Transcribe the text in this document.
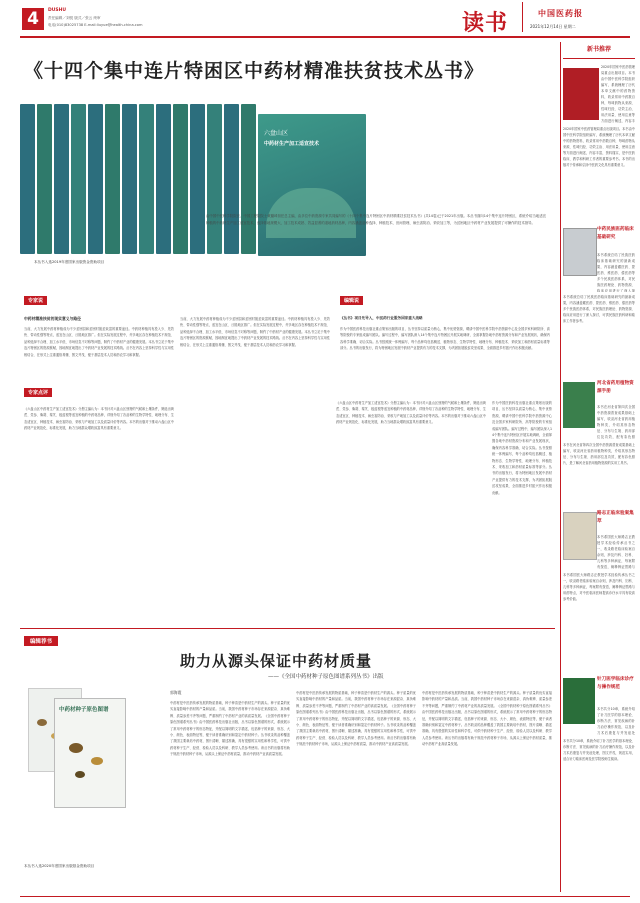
4	DUSHU
责任编辑／刘悦 版式／张云 终审
电话(010)83025738 E-mail:liuyue@health-china.com	读书	中国医药报
2021年12月14日 星期二
《十四个集中连片特困区中药材精准扶贫技术丛书》
六盘山区
中药材生产加工适宜技术
本丛书入选2019年度国家出版资金资助项目
由中国中医科学院院长、中国工程院院士黄璐琦担任总主编，由多位中药资源专家共同编写的《十四个集中连片特困区中药材精准扶贫技术丛书》(共14卷)已于2021年出版。本丛书面向14个集中连片特困区，系统介绍当地适宜种植的中药材生产加工适宜技术，选择基地规模大、加工技术成熟、效益显著的道地药材品种，内容涵盖品种选择、种植技术、田间管理、病虫害防治、采收加工等，为贫困地区中药材产业发展提供了可操作的技术指导。
专家说
中药材精准扶贫的现实意义与路径
当前，大力发展中药材种植成为不少贫困县和贫困村脱贫致富的重要途径。中药材种植具有投入少、见效快、带动性强等特点，适宜在山区、丘陵地区推广。但在实际发展过程中，许多地区存在种植技术不规范、品种选择不合理、加工水平低、市场信息不对称等问题，制约了中药材产业的健康发展。本丛书立足于集中连片特困区的资源禀赋，因地制宜地提出了中药材产业发展的技术路线。丛书在内容上坚持科学性与实用性相结合，在形式上注重通俗易懂、图文并茂，便于基层技术人员和药农学习和掌握。
专家点评
《六盘山区中药材生产加工适宜技术》分册主编认为：本书针对六盘山区独特的气候和土壤条件，筛选出黄芪、党参、柴胡、秦艽、板蓝根等适宜种植的中药材品种，详细介绍了各品种的生物学特性、地理分布、生态适宜区、种植技术、病虫害防治、采收与产地加工以及质量评价等内容。本书的出版对于推动六盘山区中药材产业规范化、标准化发展，助力当地群众增收致富具有重要意义。
当前，大力发展中药材种植成为不少贫困县和贫困村脱贫致富的重要途径。中药材种植具有投入少、见效快、带动性强等特点，适宜在山区、丘陵地区推广。但在实际发展过程中，许多地区存在种植技术不规范、品种选择不合理、加工水平低、市场信息不对称等问题，制约了中药材产业的健康发展。本丛书立足于集中连片特困区的资源禀赋，因地制宜地提出了中药材产业发展的技术路线。丛书在内容上坚持科学性与实用性相结合，在形式上注重通俗易懂、图文并茂，便于基层技术人员和药农学习和掌握。
《六盘山区中药材生产加工适宜技术》分册主编认为：本书针对六盘山区独特的气候和土壤条件，筛选出黄芪、党参、柴胡、秦艽、板蓝根等适宜种植的中药材品种，详细介绍了各品种的生物学特性、地理分布、生态适宜区、种植技术、病虫害防治、采收与产地加工以及质量评价等内容。本书的出版对于推动六盘山区中药材产业规范化、标准化发展，助力当地群众增收致富具有重要意义。
编辑说
《丛书》项目先导入，中医药行业服务国家重大战略
作为中国医药科技出版社重点策划出版的项目，丛书坚持以质量为核心，集中优势资源，聘请中国中医科学院中药资源中心及全国多家科研院所、高等院校的专家组成编写团队。编写过程中，编写团队深入14个集中连片特困区开展实地调研，全面掌握各地中药材资源分布和产业发展现状，确保内容科学准确、切合实际。丛书按照统一体例编写，每个品种均包括概述、植物形态、生物学特性、地理分布、种植技术、采收加工和药材质量标准等部分。丛书的出版发行，将为特困地区发展中药材产业提供有力的技术支撑，为巩固拓展脱贫攻坚成果、全面推进乡村振兴作出积极贡献。
作为中国医药科技出版社重点策划出版的项目，丛书坚持以质量为核心，集中优势资源，聘请中国中医科学院中药资源中心及全国多家科研院所、高等院校的专家组成编写团队。编写过程中，编写团队深入14个集中连片特困区开展实地调研，全面掌握各地中药材资源分布和产业发展现状，确保内容科学准确、切合实际。丛书按照统一体例编写，每个品种均包括概述、植物形态、生物学特性、地理分布、种植技术、采收加工和药材质量标准等部分。丛书的出版发行，将为特困地区发展中药材产业提供有力的技术支撑，为巩固拓展脱贫攻坚成果、全面推进乡村振兴作出积极贡献。
编辑荐书
助力从源头保证中药材质量
——《全国中药材种子原色图谱系列丛书》出版
中药材种子原色图谱
本丛书入选2020年度国家出版基金资助项目
郭海霞
中药材是中医药传承发展的物质基础，种子种苗是中药材生产的源头。种子质量的优劣直接影响中药材的产量和品质。当前，我国中药材种子市场存在来源混杂、真伪难辨、质量参差不齐等问题，严重制约了中药材产业的高质量发展。《全国中药材种子原色图谱系列丛书》由中国医药科技出版社出版，丛书以原色图谱的形式，系统展示了常用中药材种子的形态特征，并配以简明的文字描述，包括种子的来源、形态、大小、颜色、表面特征等，便于读者准确识别和鉴定中药材种子。丛书收录的品种覆盖了我国主要栽培中药材，图片清晰、描述准确，具有很强的实用性和科学性，可供中药材种子生产、经营、检验人员以及科研、教学人员参考使用。该丛书的出版将有助于规范中药材种子市场，从源头上保证中药材质量，推动中药材产业高质量发展。
中药材是中医药传承发展的物质基础，种子种苗是中药材生产的源头。种子质量的优劣直接影响中药材的产量和品质。当前，我国中药材种子市场存在来源混杂、真伪难辨、质量参差不齐等问题，严重制约了中药材产业的高质量发展。《全国中药材种子原色图谱系列丛书》由中国医药科技出版社出版，丛书以原色图谱的形式，系统展示了常用中药材种子的形态特征，并配以简明的文字描述，包括种子的来源、形态、大小、颜色、表面特征等，便于读者准确识别和鉴定中药材种子。丛书收录的品种覆盖了我国主要栽培中药材，图片清晰、描述准确，具有很强的实用性和科学性，可供中药材种子生产、经营、检验人员以及科研、教学人员参考使用。该丛书的出版将有助于规范中药材种子市场，从源头上保证中药材质量，推动中药材产业高质量发展。
中药材是中医药传承发展的物质基础，种子种苗是中药材生产的源头。种子质量的优劣直接影响中药材的产量和品质。当前，我国中药材种子市场存在来源混杂、真伪难辨、质量参差不齐等问题，严重制约了中药材产业的高质量发展。《全国中药材种子原色图谱系列丛书》由中国医药科技出版社出版，丛书以原色图谱的形式，系统展示了常用中药材种子的形态特征，并配以简明的文字描述，包括种子的来源、形态、大小、颜色、表面特征等，便于读者准确识别和鉴定中药材种子。丛书收录的品种覆盖了我国主要栽培中药材，图片清晰、描述准确，具有很强的实用性和科学性，可供中药材种子生产、经营、检验人员以及科研、教学人员参考使用。该丛书的出版将有助于规范中药材种子市场，从源头上保证中药材质量，推动中药材产业高质量发展。
新书推荐
2020年国家中医药管理局重点出版项目。本书由中国中医科学院组织编写，系统梳理了历代本草文献中的药物资料，收录常用中药数百种，每味药物从来源、性味归经、功效主治、用法用量、使用注意等方面进行阐述，内容丰
2020年国家中医药管理局重点出版项目。本书由中国中医科学院组织编写，系统梳理了历代本草文献中的药物资料，收录常用中药数百种，每味药物从来源、性味归经、功效主治、用法用量、使用注意等方面进行阐述，内容丰富，资料翔实，是中医药临床、教学和科研工作者的重要参考书。本书的出版对于传承和弘扬中医药文化具有重要意义。
中药民族医药临床基础研究
本书系统总结了民族医药临床基础研究的最新成果，内容涵盖藏医药、蒙医药、维医药、傣医药等多个民族医药体系，对民族医药理论、药物资源、临床应用进行了深入探
本书系统总结了民族医药临床基础研究的最新成果，内容涵盖藏医药、蒙医药、维医药、傣医药等多个民族医药体系，对民族医药理论、药物资源、临床应用进行了深入探讨，可供民族医药科研和临床工作者参考。
河北省药用植物资源手册
本书在河北省第四次全国中药资源普查成果基础上编写，收录河北省药用植物种类，介绍其形态特征、分布与生境、药用部位及功效，配有彩色照
本书在河北省第四次全国中药资源普查成果基础上编写，收录河北省药用植物种类，介绍其形态特征、分布与生境、药用部位及功效，配有彩色照片，是了解河北省药用植物资源的实用工具书。
路志正临床验案集萃
本书系国医大师路志正教授学术经验传承丛书之一，收录路老临床验案百余则，涉及内科、妇科、儿科等多种病证，每案附有按语，阐释辨证思路与
本书系国医大师路志正教授学术经验传承丛书之一，收录路老临床验案百余则，涉及内科、妇科、儿科等多种病证，每案附有按语，阐释辨证思路与用药特点，对中医临床医师提高诊疗水平具有较高参考价值。
针刀医学临床诊疗与操作规范
本书共分10章，系统介绍了针刀医学的基本理论、诊断方法、常见疾病的针刀治疗操作规范，以及针刀术后康复与并发症处
本书共分10章，系统介绍了针刀医学的基本理论、诊断方法、常见疾病的针刀治疗操作规范，以及针刀术后康复与并发症处理，图文并茂，规范实用，适合针刀临床医师及医学院校师生阅读。
